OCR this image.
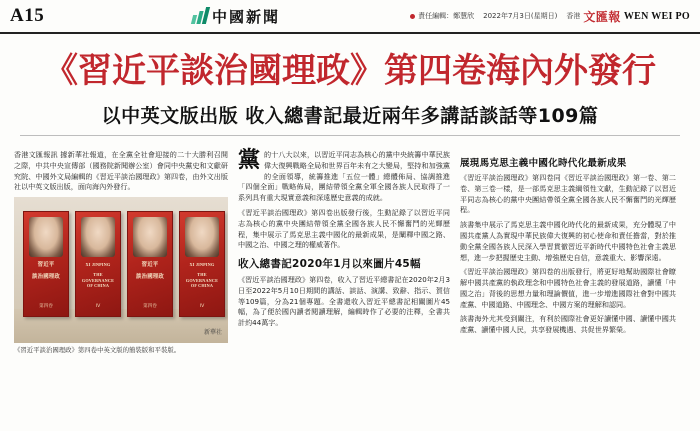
A15	中國新聞	責任編輯：鄭慧欣 2022年7月3日(星期日) 香港 文匯報 WEN WEI PO
《習近平談治國理政》第四卷海內外發行
以中英文版出版 收入總書記最近兩年多講話談話等109篇

香港文匯報訊 據新華社報道，在全黨全社會迎接的二十大勝利召開之際，中共中央宣傳部（國務院新聞辦公室）會同中央黨史和文獻研究院、中國外文局編輯的《習近平談治國理政》第四卷，由外文出版社以中英文版出版，面向海內外發行。

習近平
談治國理政
第四卷
XI JINPING
THE GOVERNANCE OF CHINA
IV
習近平
談治國理政
第四卷
XI JINPING
THE GOVERNANCE OF CHINA
IV
新華社
《習近平談治國理政》第四卷中英文版的簡裝版和平裝版。
黨 的十八大以來，以習近平同志為核心的黨中央統籌中華民族偉大復興戰略全局和世界百年未有之大變局，堅持和加強黨的全面領導，統籌推進「五位一體」總體佈局、協調推進「四個全面」戰略佈局，團結帶領全黨全軍全國各族人民取得了一系列具有重大現實意義和深遠歷史意義的成就。

《習近平談治國理政》第四卷出版發行後，生動記錄了以習近平同志為核心的黨中央團結帶領全黨全國各族人民不懈奮鬥的光輝歷程，集中展示了馬克思主義中國化的最新成果，是闡釋中國之路、中國之治、中國之理的權威著作。

收入總書記2020年1月以來圖片45幅

《習近平談治國理政》第四卷，收入了習近平總書記在2020年2月3日至2022年5月10日期間的講話、談話、演講、致辭、指示、賀信等109篇，分為21個專題。全書還收入習近平總書記相關圖片45幅，為了便於國內讀者閱讀理解，編輯時作了必要的注釋，全書共計約44萬字。

展現馬克思主義中國化時代化最新成果

《習近平談治國理政》第四卷同《習近平談治國理政》第一卷、第二卷、第三卷一樣，是一部馬克思主義綱領性文獻，生動記錄了以習近平同志為核心的黨中央團結帶領全黨全國各族人民不懈奮鬥的光輝歷程。

該書集中展示了馬克思主義中國化時代化的最新成果，充分體現了中國共產黨人為實現中華民族偉大復興的初心使命和責任擔當，對於推動全黨全國各族人民深入學習貫徹習近平新時代中國特色社會主義思想，進一步把握歷史主動、增強歷史自信，意義重大、影響深遠。

《習近平談治國理政》第四卷的出版發行，將更好地幫助國際社會瞭解中國共產黨的執政理念和中國特色社會主義的發展道路，讀懂「中國之治」背後的思想力量和理論價值，進一步增進國際社會對中國共產黨、中國道路、中國理念、中國方案的理解和認同。

該書海外尤其受到關注，有利於國際社會更好讀懂中國、讀懂中國共產黨、讀懂中國人民，共享發展機遇、共促世界繁榮。
